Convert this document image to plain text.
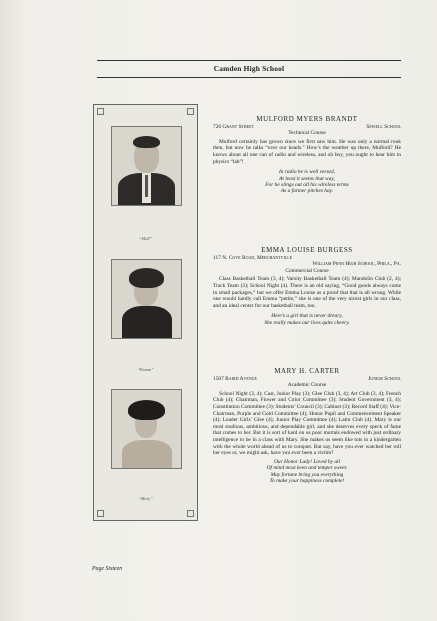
Camden High School
“Moll”
“Emma”
“Mary”
MULFORD MYERS BRANDT
726 Grant Street	Sewell School
Technical Course
Mulford certainly has grown since we first saw him. He was only a normal rook then, but now he talks “over our heads.” How’s the weather up there, Mulford? He knows about all one can of radio and wireless, and oh boy, you ought to hear him in physics “lab”!
In radio he is well versed,
At least it seems that way,
For he slings out all his wireless terms
As a farmer pitches hay.
EMMA LOUISE BURGESS
117 N. Cove Road, Merchantville
William Penn High School, Phila., Pa.
Commercial Course
Class Basketball Team (3, 4); Varsity Basketball Team (4); Mandolin Club (2, 4); Track Team (3); School Night (4). There is an old saying, “Good goods always come in small packages,” but we offer Emma Louise as a proof that that is all wrong. While one would hardly call Emma “petite,” she is one of the very nicest girls in our class, and an ideal center for our basketball team, too.
Here’s a girl that is never dreary,
She really makes our lives quite cheery.
MARY H. CARTER
1507 Baird Avenue	Junior School
Academic Course
School Night (3, 4); Cast, Junior Play (3); Glee Club (3, 4); Art Club (3, 4); French Club (4); Chairman, Flower and Color Committee (3); Student Government (3, 4); Constitution Committee (3); Students’ Council (3); Cabinet (3); Record Staff (4); Vice-Chairman, Purple and Gold Committee (4); Honor Pupil and Commencement Speaker (4); Leader Girls’ Glee (4); Junior Play Committee (4); Latin Club (4). Mary is our most studious, ambitious, and dependable girl, and she deserves every speck of fame that comes to her. But it is sort of hard on us poor mortals endowed with just ordinary intelligence to be in a class with Mary. She makes us seem like tots in a kindergarten with the whole world ahead of us to conquer. But say, have you ever watched her roll her eyes or, we might ask, have you ever been a victim?
Our Honor Lady! Loved by all
Of mind most keen and temper sweet.
May fortune bring you everything
To make your happiness complete!
Page Sixteen
